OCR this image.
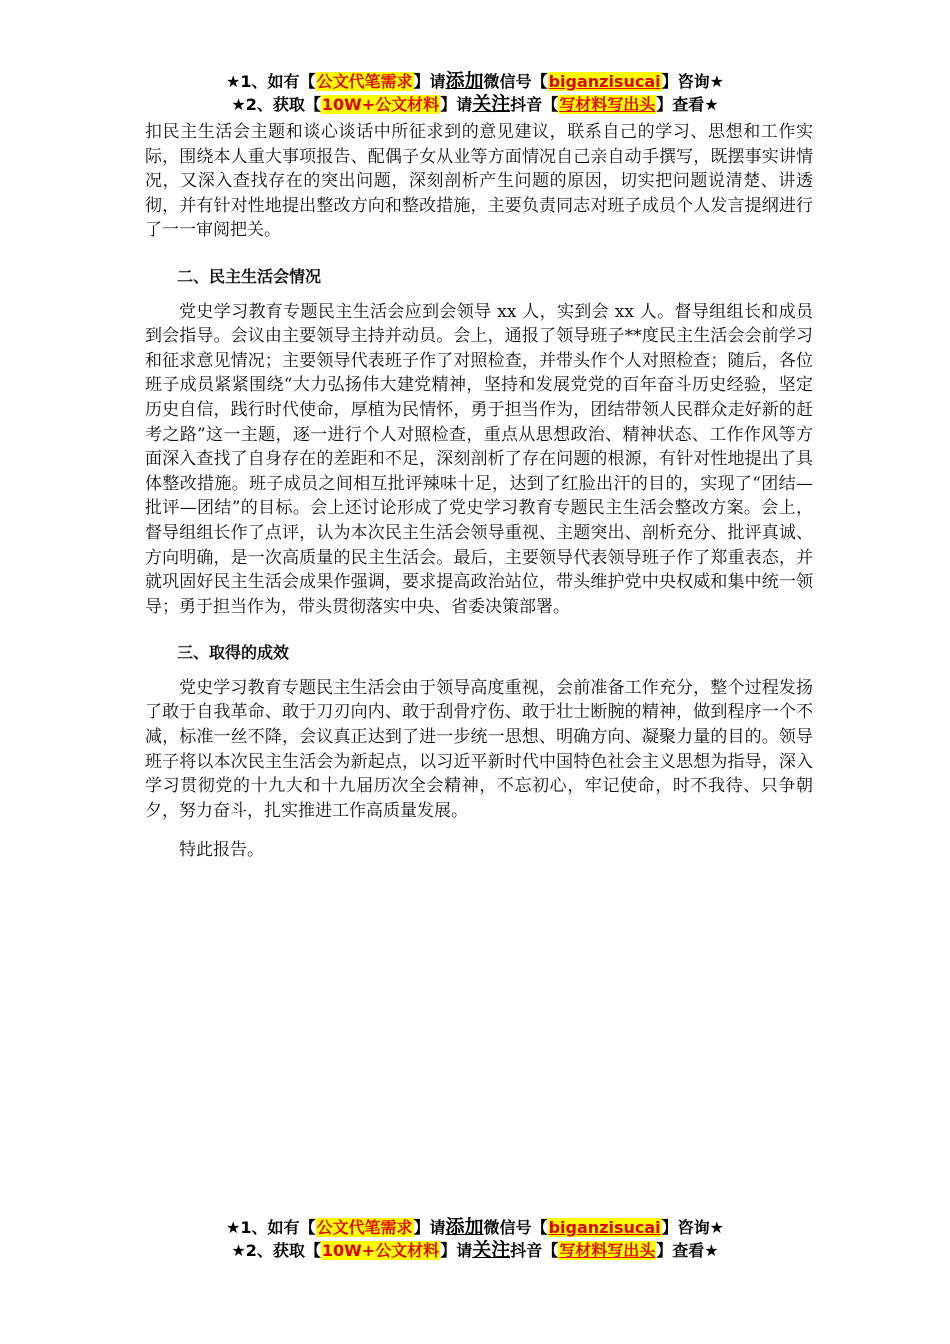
★1、如有【公文代笔需求】请添加微信号【biganzisucai】咨询★
★2、获取【10W+公文材料】请关注抖音【写材料写出头】查看★

扣民主生活会主题和谈心谈话中所征求到的意见建议，联系自己的学习、思想和工作实际，围绕本人重大事项报告、配偶子女从业等方面情况自己亲自动手撰写，既摆事实讲情况，又深入查找存在的突出问题，深刻剖析产生问题的原因，切实把问题说清楚、讲透彻，并有针对性地提出整改方向和整改措施，主要负责同志对班子成员个人发言提纲进行了一一审阅把关。

二、民主生活会情况

党史学习教育专题民主生活会应到会领导 xx 人，实到会 xx 人。督导组组长和成员到会指导。会议由主要领导主持并动员。会上，通报了领导班子**度民主生活会会前学习和征求意见情况；主要领导代表班子作了对照检查，并带头作个人对照检查；随后，各位班子成员紧紧围绕“大力弘扬伟大建党精神，坚持和发展党党的百年奋斗历史经验，坚定历史自信，践行时代使命，厚植为民情怀，勇于担当作为，团结带领人民群众走好新的赶考之路”这一主题，逐一进行个人对照检查，重点从思想政治、精神状态、工作作风等方面深入查找了自身存在的差距和不足，深刻剖析了存在问题的根源，有针对性地提出了具体整改措施。班子成员之间相互批评辣味十足，达到了红脸出汗的目的，实现了“团结—批评—团结”的目标。会上还讨论形成了党史学习教育专题民主生活会整改方案。会上，督导组组长作了点评，认为本次民主生活会领导重视、主题突出、剖析充分、批评真诚、方向明确，是一次高质量的民主生活会。最后，主要领导代表领导班子作了郑重表态，并就巩固好民主生活会成果作强调，要求提高政治站位，带头维护党中央权威和集中统一领导；勇于担当作为，带头贯彻落实中央、省委决策部署。

三、取得的成效

党史学习教育专题民主生活会由于领导高度重视，会前准备工作充分，整个过程发扬了敢于自我革命、敢于刀刃向内、敢于刮骨疗伤、敢于壮士断腕的精神，做到程序一个不减，标准一丝不降，会议真正达到了进一步统一思想、明确方向、凝聚力量的目的。领导班子将以本次民主生活会为新起点，以习近平新时代中国特色社会主义思想为指导，深入学习贯彻党的十九大和十九届历次全会精神，不忘初心，牢记使命，时不我待、只争朝夕，努力奋斗，扎实推进工作高质量发展。

特此报告。

★1、如有【公文代笔需求】请添加微信号【biganzisucai】咨询★
★2、获取【10W+公文材料】请关注抖音【写材料写出头】查看★
